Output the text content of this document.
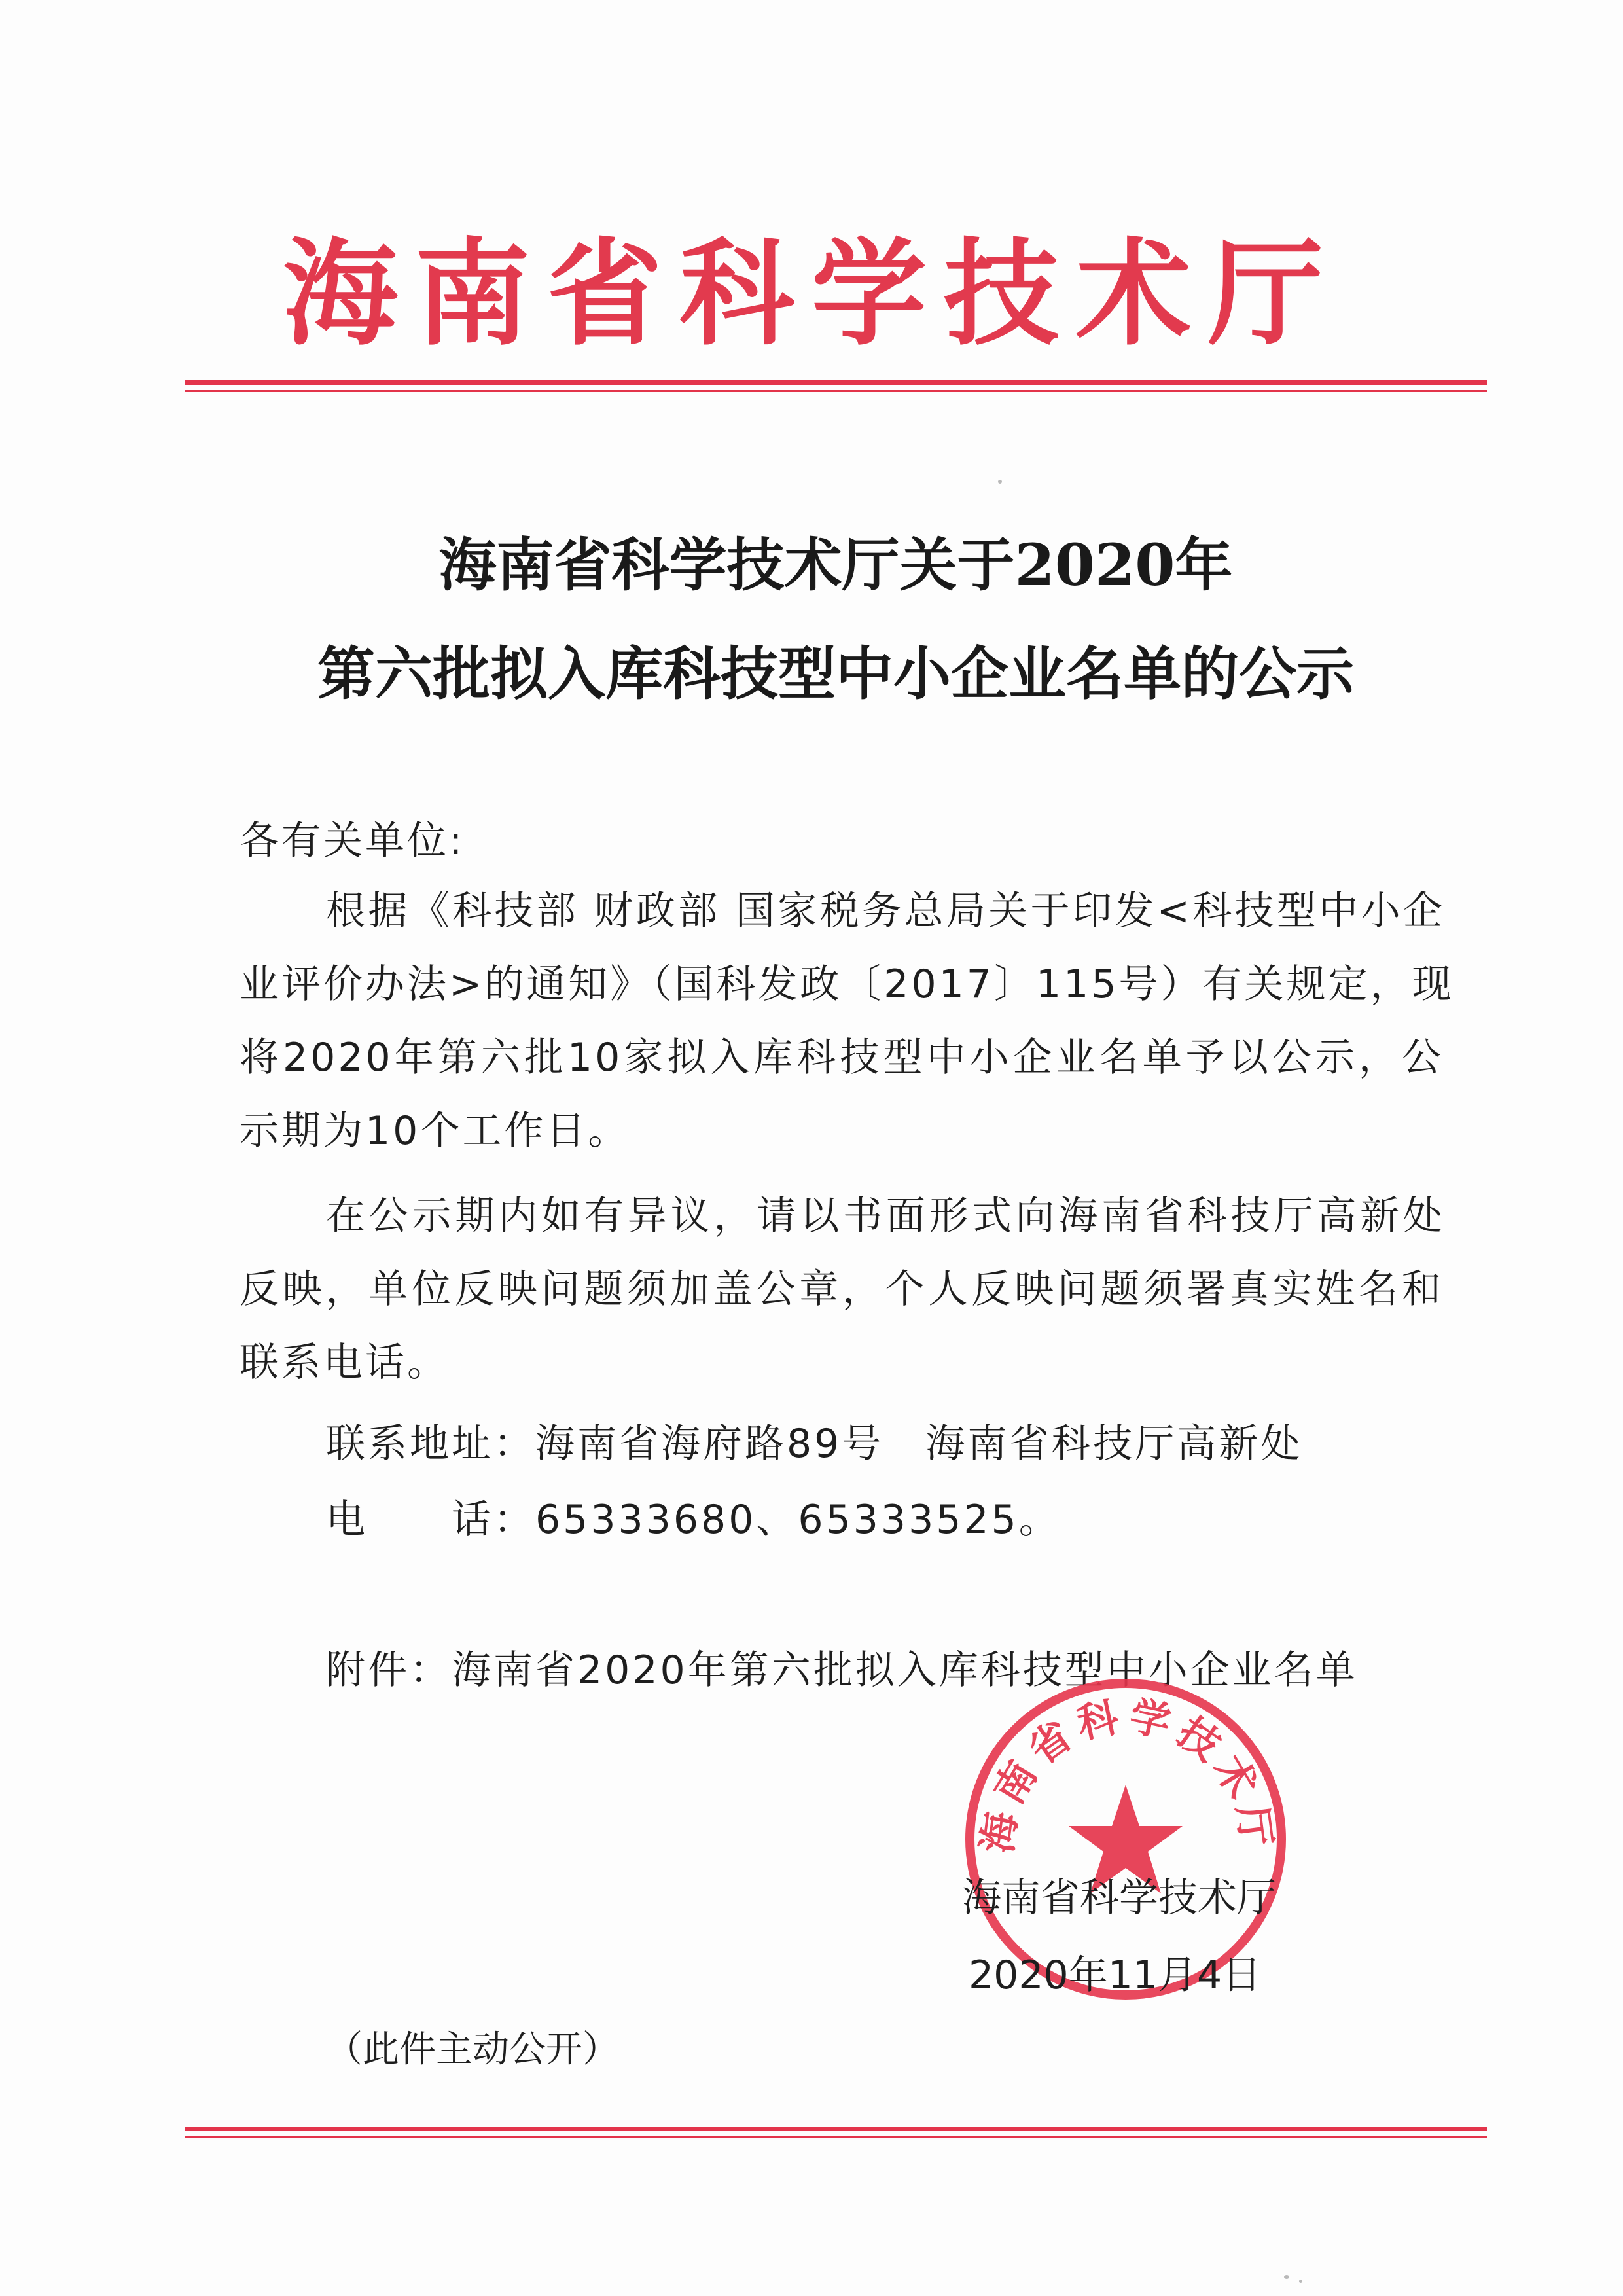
海南省科学技术厅
海南省科学技术厅关于2020年
第六批拟入库科技型中小企业名单的公示
各有关单位:
根据《科技部 财政部 国家税务总局关于印发<科技型中小企
业评价办法>的通知》（国科发政〔2017〕115号）有关规定，现
将2020年第六批10家拟入库科技型中小企业名单予以公示，公
示期为10个工作日。
在公示期内如有异议，请以书面形式向海南省科技厅高新处
反映，单位反映问题须加盖公章，个人反映问题须署真实姓名和
联系电话。
联系地址：海南省海府路89号　海南省科技厅高新处
电　　话：65333680、65333525。
附件：海南省2020年第六批拟入库科技型中小企业名单
海南省科学技术厅
海南省科学技术厅
2020年11月4日
（此件主动公开）
